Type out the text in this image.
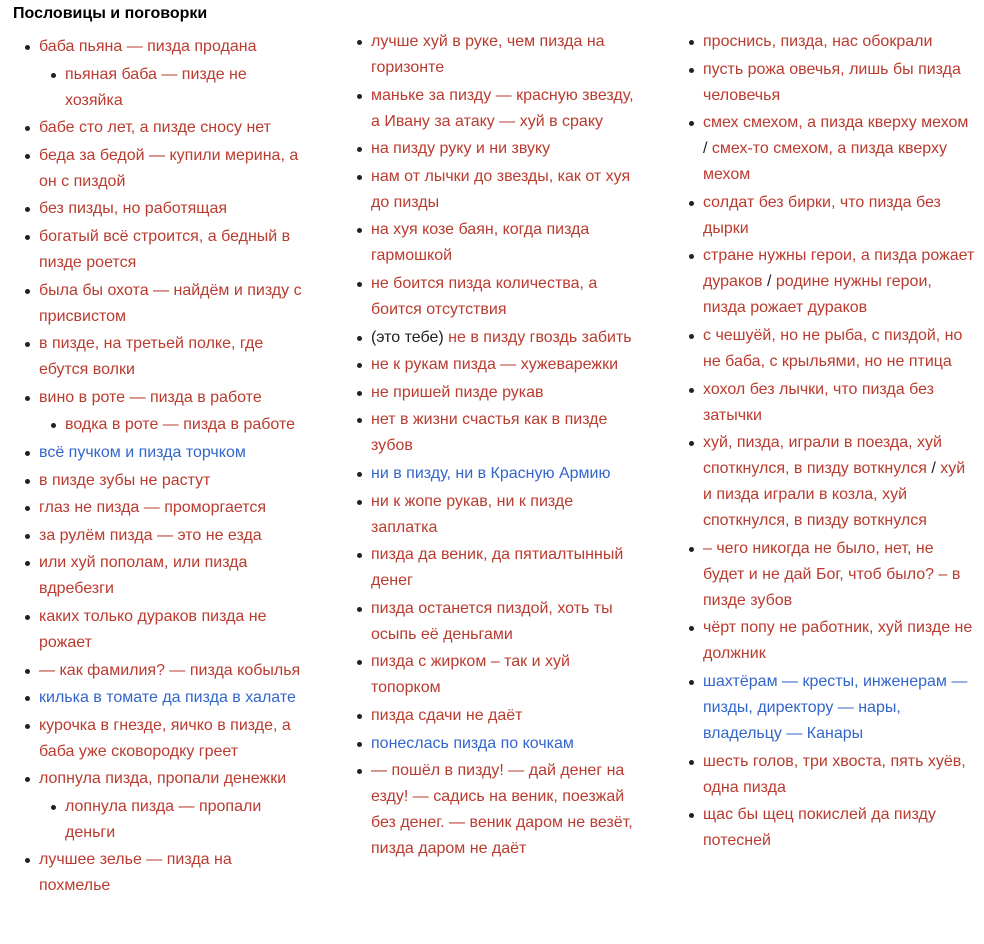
Пословицы и поговорки
баба пьяна — пизда продана
пьяная баба — пизде не хозяйка
бабе сто лет, а пизде сносу нет
беда за бедой — купили мерина, а он с пиздой
без пизды, но работящая
богатый всё строится, а бедный в пизде роется
была бы охота — найдём и пизду с присвистом
в пизде, на третьей полке, где ебутся волки
вино в роте — пизда в работе
водка в роте — пизда в работе
всё пучком и пизда торчком
в пизде зубы не растут
глаз не пизда — проморгается
за рулём пизда — это не езда
или хуй пополам, или пизда вдребезги
каких только дураков пизда не рожает
— как фамилия? — пизда кобылья
килька в томате да пизда в халате
курочка в гнезде, яичко в пизде, а баба уже сковородку греет
лопнула пизда, пропали денежки
лопнула пизда — пропали деньги
лучшее зелье — пизда на похмелье
лучше хуй в руке, чем пизда на горизонте
маньке за пизду — красную звезду, а Ивану за атаку — хуй в сраку
на пизду руку и ни звуку
нам от лычки до звезды, как от хуя до пизды
на хуя козе баян, когда пизда гармошкой
не боится пизда количества, а боится отсутствия
(это тебе) не в пизду гвоздь забить
не к рукам пизда — хужеварежки
не пришей пизде рукав
нет в жизни счастья как в пизде зубов
ни в пизду, ни в Красную Армию
ни к жопе рукав, ни к пизде заплатка
пизда да веник, да пятиалтынный денег
пизда останется пиздой, хоть ты осыпь её деньгами
пизда с жирком – так и хуй топорком
пизда сдачи не даёт
понеслась пизда по кочкам
— пошёл в пизду! — дай денег на езду! — садись на веник, поезжай без денег. — веник даром не везёт, пизда даром не даёт
проснись, пизда, нас обокрали
пусть рожа овечья, лишь бы пизда человечья
смех смехом, а пизда кверху мехом / смех-то смехом, а пизда кверху мехом
солдат без бирки, что пизда без дырки
стране нужны герои, а пизда рожает дураков / родине нужны герои, пизда рожает дураков
с чешуёй, но не рыба, с пиздой, но не баба, с крыльями, но не птица
хохол без лычки, что пизда без затычки
хуй, пизда, играли в поезда, хуй споткнулся, в пизду воткнулся / хуй и пизда играли в козла, хуй споткнулся, в пизду воткнулся
– чего никогда не было, нет, не будет и не дай Бог, чтоб было? – в пизде зубов
чёрт попу не работник, хуй пизде не должник
шахтёрам — кресты, инженерам — пизды, директору — нары, владельцу — Канары
шесть голов, три хвоста, пять хуёв, одна пизда
щас бы щец покислей да пизду потесней
